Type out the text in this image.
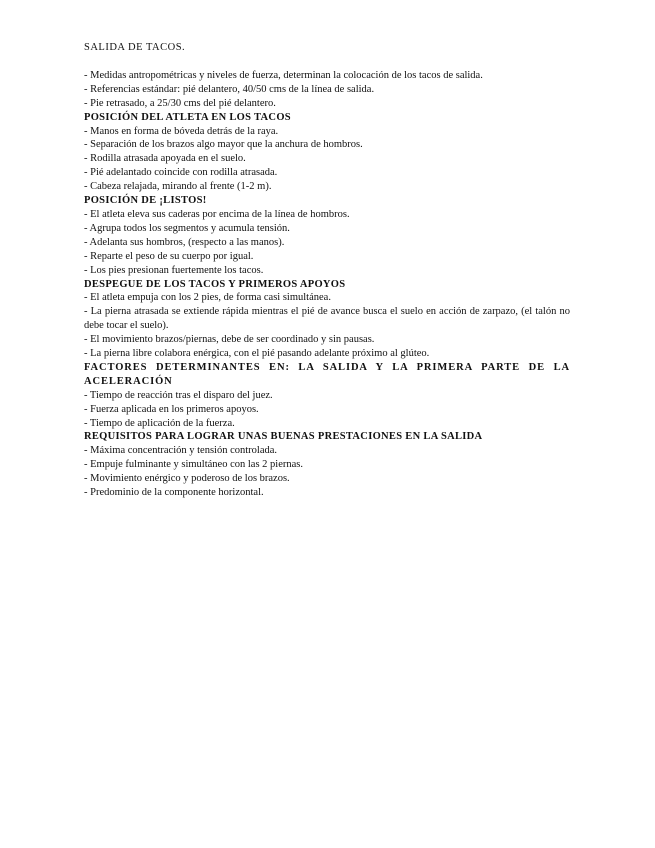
SALIDA DE TACOS.

- Medidas antropométricas y niveles de fuerza, determinan la colocación de los tacos de salida.
- Referencias estándar: pié delantero, 40/50 cms de la línea de salida.
- Pie retrasado, a 25/30 cms del pié delantero.

POSICIÓN DEL ATLETA EN LOS TACOS

- Manos en forma de bóveda detrás de la raya.
- Separación de los brazos algo mayor que la anchura de hombros.
- Rodilla atrasada apoyada en el suelo.
- Pié adelantado coincide con rodilla atrasada.
- Cabeza relajada, mirando al frente (1-2 m).

POSICIÓN DE ¡LISTOS!

- El atleta eleva sus caderas por encima de la línea de hombros.
- Agrupa todos los segmentos y acumula tensión.
- Adelanta sus hombros, (respecto a las manos).
- Reparte el peso de su cuerpo por igual.
- Los pies presionan fuertemente los tacos.

DESPEGUE DE LOS TACOS Y PRIMEROS APOYOS

- El atleta empuja con los 2 pies, de forma casi simultánea.
- La pierna atrasada se extiende rápida mientras el pié de avance busca el suelo en acción de zarpazo, (el talón no debe tocar el suelo).
- El movimiento brazos/piernas, debe de ser coordinado y sin pausas.
- La pierna libre colabora enérgica, con el pié pasando adelante próximo al glúteo.

FACTORES DETERMINANTES EN: LA SALIDA Y LA PRIMERA PARTE DE LA ACELERACIÓN

- Tiempo de reacción tras el disparo del juez.
- Fuerza aplicada en los primeros apoyos.
- Tiempo de aplicación de la fuerza.

REQUISITOS PARA LOGRAR UNAS BUENAS PRESTACIONES EN LA SALIDA

- Máxima concentración y tensión controlada.
- Empuje fulminante y simultáneo con las 2 piernas.
- Movimiento enérgico y poderoso de los brazos.
- Predominio de la componente horizontal.
